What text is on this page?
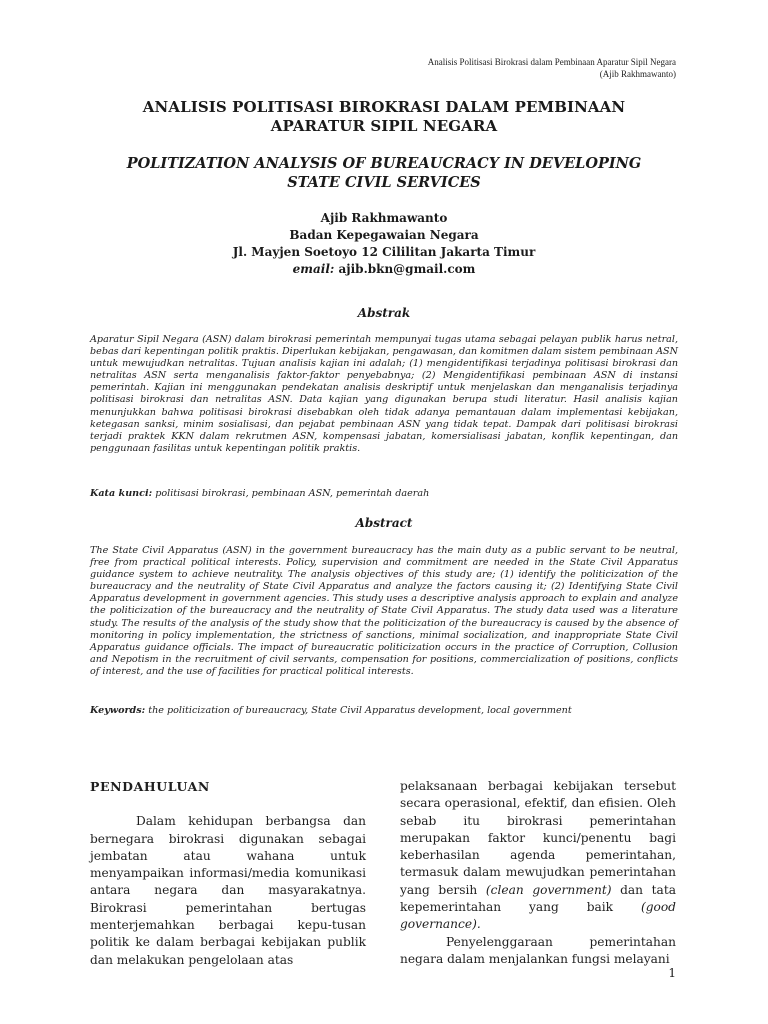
Analisis Politisasi Birokrasi dalam Pembinaan Aparatur Sipil Negara
(Ajib Rakhmawanto)
ANALISIS POLITISASI BIROKRASI DALAM PEMBINAAN
APARATUR SIPIL NEGARA
POLITIZATION ANALYSIS OF BUREAUCRACY IN DEVELOPING
STATE CIVIL SERVICES
Ajib Rakhmawanto
Badan Kepegawaian Negara
Jl. Mayjen Soetoyo 12 Cililitan Jakarta Timur
email: ajib.bkn@gmail.com
Abstrak
Aparatur Sipil Negara (ASN) dalam birokrasi pemerintah mempunyai tugas utama sebagai pelayan publik harus netral, bebas dari kepentingan politik praktis. Diperlukan kebijakan, pengawasan, dan komitmen dalam sistem pembinaan ASN untuk mewujudkan netralitas. Tujuan analisis kajian ini adalah; (1) mengidentifikasi terjadinya politisasi birokrasi dan netralitas ASN serta menganalisis faktor-faktor penyebabnya; (2) Mengidentifikasi pembinaan ASN di instansi pemerintah. Kajian ini menggunakan pendekatan analisis deskriptif untuk menjelaskan dan menganalisis terjadinya politisasi birokrasi dan netralitas ASN. Data kajian yang digunakan berupa studi literatur. Hasil analisis kajian menunjukkan bahwa politisasi birokrasi disebabkan oleh tidak adanya pemantauan dalam implementasi kebijakan, ketegasan sanksi, minim sosialisasi, dan pejabat pembinaan ASN yang tidak tepat. Dampak dari politisasi birokrasi terjadi praktek KKN dalam rekrutmen ASN, kompensasi jabatan, komersialisasi jabatan, konflik kepentingan, dan penggunaan fasilitas untuk kepentingan politik praktis.
Kata kunci: politisasi birokrasi, pembinaan ASN, pemerintah daerah
Abstract
The State Civil Apparatus (ASN) in the government bureaucracy has the main duty as a public servant to be neutral, free from practical political interests. Policy, supervision and commitment are needed in the State Civil Apparatus guidance system to achieve neutrality. The analysis objectives of this study are; (1) identify the politicization of the bureaucracy and the neutrality of State Civil Apparatus and analyze the factors causing it; (2) Identifying State Civil Apparatus development in government agencies. This study uses a descriptive analysis approach to explain and analyze the politicization of the bureaucracy and the neutrality of State Civil Apparatus. The study data used was a literature study. The results of the analysis of the study show that the politicization of the bureaucracy is caused by the absence of monitoring in policy implementation, the strictness of sanctions, minimal socialization, and inappropriate State Civil Apparatus guidance officials. The impact of bureaucratic politicization occurs in the practice of Corruption, Collusion and Nepotism in the recruitment of civil servants, compensation for positions, commercialization of positions, conflicts of interest, and the use of facilities for practical political interests.
Keywords: the politicization of bureaucracy, State Civil Apparatus development, local government
PENDAHULUAN

Dalam kehidupan berbangsa dan bernegara birokrasi digunakan sebagai jembatan atau wahana untuk menyampaikan informasi/media komunikasi antara negara dan masyarakatnya. Birokrasi pemerintahan bertugas menterjemahkan berbagai kepu-tusan politik ke dalam berbagai kebijakan publik dan melakukan pengelolaan atas

pelaksanaan berbagai kebijakan tersebut secara operasional, efektif, dan efisien. Oleh sebab itu birokrasi pemerintahan merupakan faktor kunci/penentu bagi keberhasilan agenda pemerintahan, termasuk dalam mewujudkan pemerintahan yang bersih (clean government) dan tata kepemerintahan yang baik (good governance).

Penyelenggaraan pemerintahan negara dalam menjalankan fungsi melayani

1
